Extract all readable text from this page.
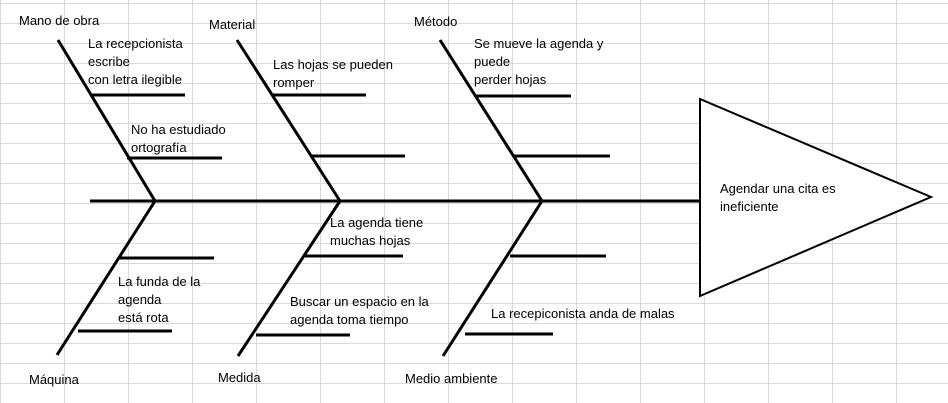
Mano de obra	Material	Método
Máquina	Medida	Medio ambiente
La recepcionista
escribe
con letra ilegible
No ha estudiado
ortografía
Las hojas se pueden
romper
Se mueve la agenda y
puede
perder hojas
La funda de la
agenda
está rota
La agenda tiene
muchas hojas
Buscar un espacio en la
agenda toma tiempo	La recepiconista anda de malas
Agendar una cita es ineficiente
